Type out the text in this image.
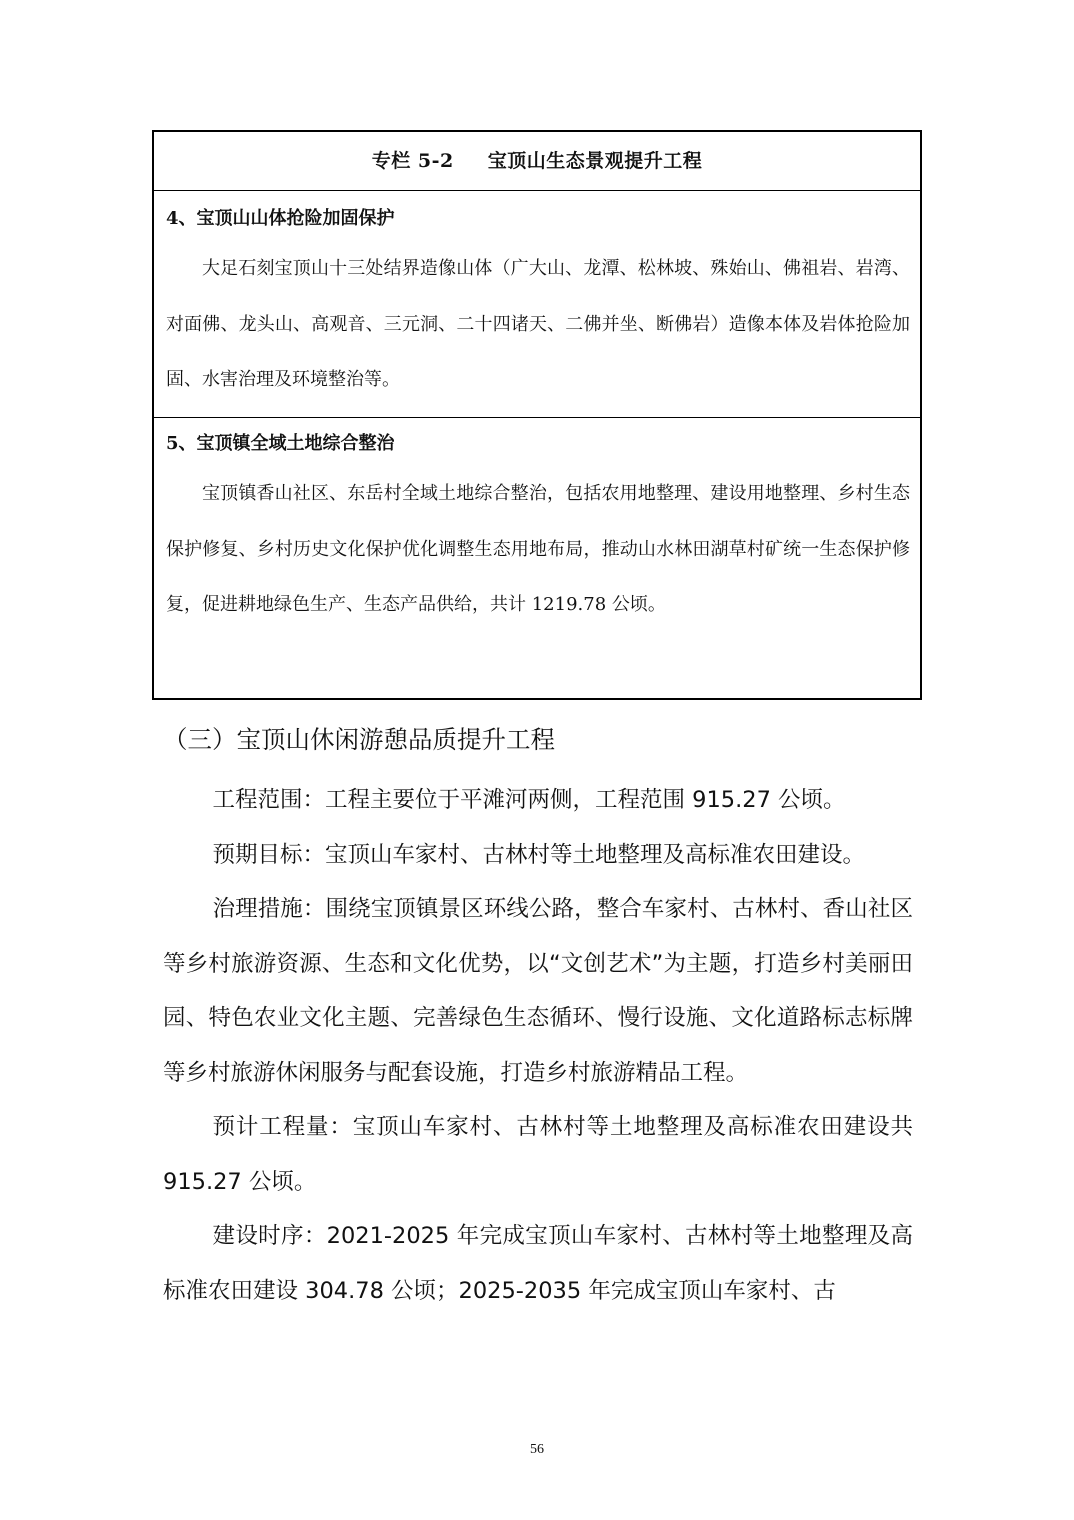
专栏 5-2 宝顶山生态景观提升工程
4、宝顶山山体抢险加固保护
大足石刻宝顶山十三处结界造像山体（广大山、龙潭、松林坡、殊始山、佛祖岩、岩湾、对面佛、龙头山、高观音、三元洞、二十四诸天、二佛并坐、断佛岩）造像本体及岩体抢险加固、水害治理及环境整治等。
5、宝顶镇全域土地综合整治
宝顶镇香山社区、东岳村全域土地综合整治，包括农用地整理、建设用地整理、乡村生态保护修复、乡村历史文化保护优化调整生态用地布局，推动山水林田湖草村矿统一生态保护修复，促进耕地绿色生产、生态产品供给，共计 1219.78 公顷。
（三）宝顶山休闲游憩品质提升工程

工程范围：工程主要位于平滩河两侧，工程范围 915.27 公顷。

预期目标：宝顶山车家村、古林村等土地整理及高标准农田建设。

治理措施：围绕宝顶镇景区环线公路，整合车家村、古林村、香山社区等乡村旅游资源、生态和文化优势，以“文创艺术”为主题，打造乡村美丽田园、特色农业文化主题、完善绿色生态循环、慢行设施、文化道路标志标牌等乡村旅游休闲服务与配套设施，打造乡村旅游精品工程。

预计工程量：宝顶山车家村、古林村等土地整理及高标准农田建设共 915.27 公顷。

建设时序：2021-2025 年完成宝顶山车家村、古林村等土地整理及高标准农田建设 304.78 公顷；2025-2035 年完成宝顶山车家村、古

56
